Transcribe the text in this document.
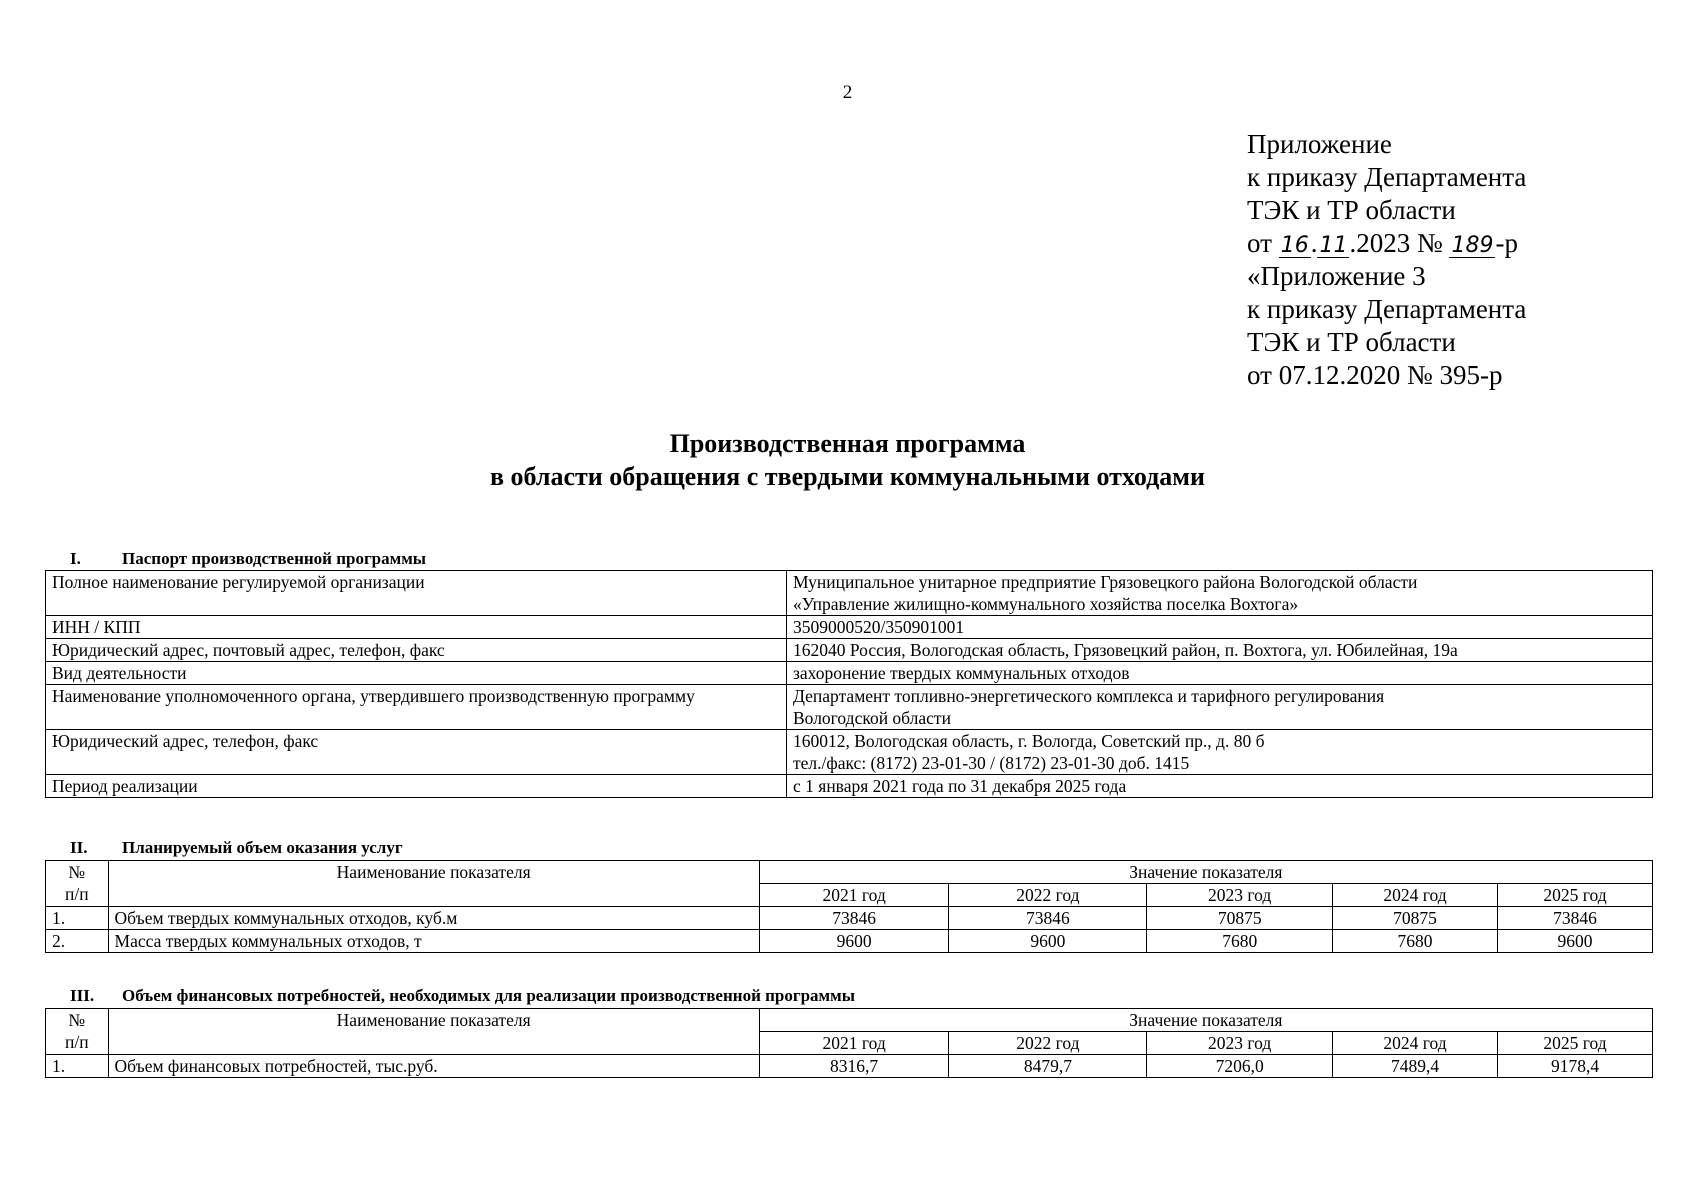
2
Приложение
к приказу Департамента
ТЭК и ТР области
от 16.11.2023 № 189-р
«Приложение 3
к приказу Департамента
ТЭК и ТР области
от 07.12.2020 № 395-р
Производственная программа
в области обращения с твердыми коммунальными отходами
I. Паспорт производственной программы
Полное наименование регулируемой организации	Муниципальное унитарное предприятие Грязовецкого района Вологодской области
«Управление жилищно-коммунального хозяйства поселка Вохтога»

ИНН / КПП	3509000520/350901001
Юридический адрес, почтовый адрес, телефон, факс	162040 Россия, Вологодская область, Грязовецкий район, п. Вохтога, ул. Юбилейная, 19а
Вид деятельности	захоронение твердых коммунальных отходов
Наименование уполномоченного органа, утвердившего производственную программу	Департамент топливно-энергетического комплекса и тарифного регулирования
Вологодской области

Юридический адрес, телефон, факс	160012, Вологодская область, г. Вологда, Советский пр., д. 80 б
тел./факс: (8172) 23-01-30 / (8172) 23-01-30 доб. 1415

Период реализации	с 1 января 2021 года по 31 декабря 2025 года
II. Планируемый объем оказания услуг
№
п/п	Наименование показателя	Значение показателя				
		2021 год	2022 год	2023 год	2024 год	2025 год
1.	Объем твердых коммунальных отходов, куб.м	73846	73846	70875	70875	73846
2.	Масса твердых коммунальных отходов, т	9600	9600	7680	7680	9600
III. Объем финансовых потребностей, необходимых для реализации производственной программы
№
п/п	Наименование показателя	Значение показателя				
		2021 год	2022 год	2023 год	2024 год	2025 год
1.	Объем финансовых потребностей, тыс.руб.	8316,7	8479,7	7206,0	7489,4	9178,4
